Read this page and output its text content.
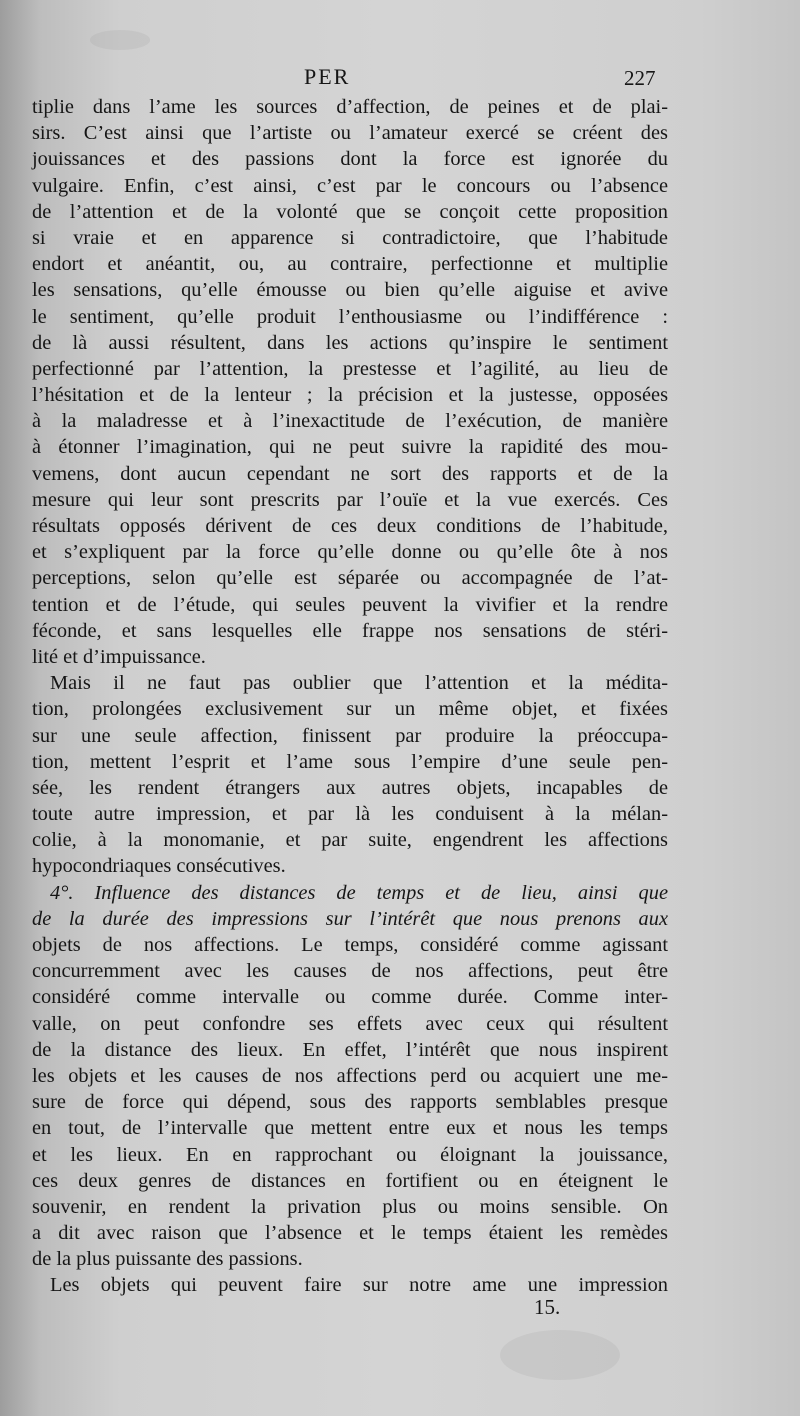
PER	227
tiplie dans l’ame les sources d’affection, de peines et de plai-
sirs. C’est ainsi que l’artiste ou l’amateur exercé se créent des
jouissances et des passions dont la force est ignorée du
vulgaire. Enfin, c’est ainsi, c’est par le concours ou l’absence
de l’attention et de la volonté que se conçoit cette proposition
si vraie et en apparence si contradictoire, que l’habitude
endort et anéantit, ou, au contraire, perfectionne et multiplie
les sensations, qu’elle émousse ou bien qu’elle aiguise et avive
le sentiment, qu’elle produit l’enthousiasme ou l’indifférence :
de là aussi résultent, dans les actions qu’inspire le sentiment
perfectionné par l’attention, la prestesse et l’agilité, au lieu de
l’hésitation et de la lenteur ; la précision et la justesse, opposées
à la maladresse et à l’inexactitude de l’exécution, de manière
à étonner l’imagination, qui ne peut suivre la rapidité des mou-
vemens, dont aucun cependant ne sort des rapports et de la
mesure qui leur sont prescrits par l’ouïe et la vue exercés. Ces
résultats opposés dérivent de ces deux conditions de l’habitude,
et s’expliquent par la force qu’elle donne ou qu’elle ôte à nos
perceptions, selon qu’elle est séparée ou accompagnée de l’at-
tention et de l’étude, qui seules peuvent la vivifier et la rendre
féconde, et sans lesquelles elle frappe nos sensations de stéri-
lité et d’impuissance.
Mais il ne faut pas oublier que l’attention et la médita-
tion, prolongées exclusivement sur un même objet, et fixées
sur une seule affection, finissent par produire la préoccupa-
tion, mettent l’esprit et l’ame sous l’empire d’une seule pen-
sée, les rendent étrangers aux autres objets, incapables de
toute autre impression, et par là les conduisent à la mélan-
colie, à la monomanie, et par suite, engendrent les affections
hypocondriaques consécutives.
4°. Influence des distances de temps et de lieu, ainsi que
de la durée des impressions sur l’intérêt que nous prenons aux
objets de nos affections. Le temps, considéré comme agissant
concurremment avec les causes de nos affections, peut être
considéré comme intervalle ou comme durée. Comme inter-
valle, on peut confondre ses effets avec ceux qui résultent
de la distance des lieux. En effet, l’intérêt que nous inspirent
les objets et les causes de nos affections perd ou acquiert une me-
sure de force qui dépend, sous des rapports semblables presque
en tout, de l’intervalle que mettent entre eux et nous les temps
et les lieux. En en rapprochant ou éloignant la jouissance,
ces deux genres de distances en fortifient ou en éteignent le
souvenir, en rendent la privation plus ou moins sensible. On
a dit avec raison que l’absence et le temps étaient les remèdes
de la plus puissante des passions.
Les objets qui peuvent faire sur notre ame une impression
15.
